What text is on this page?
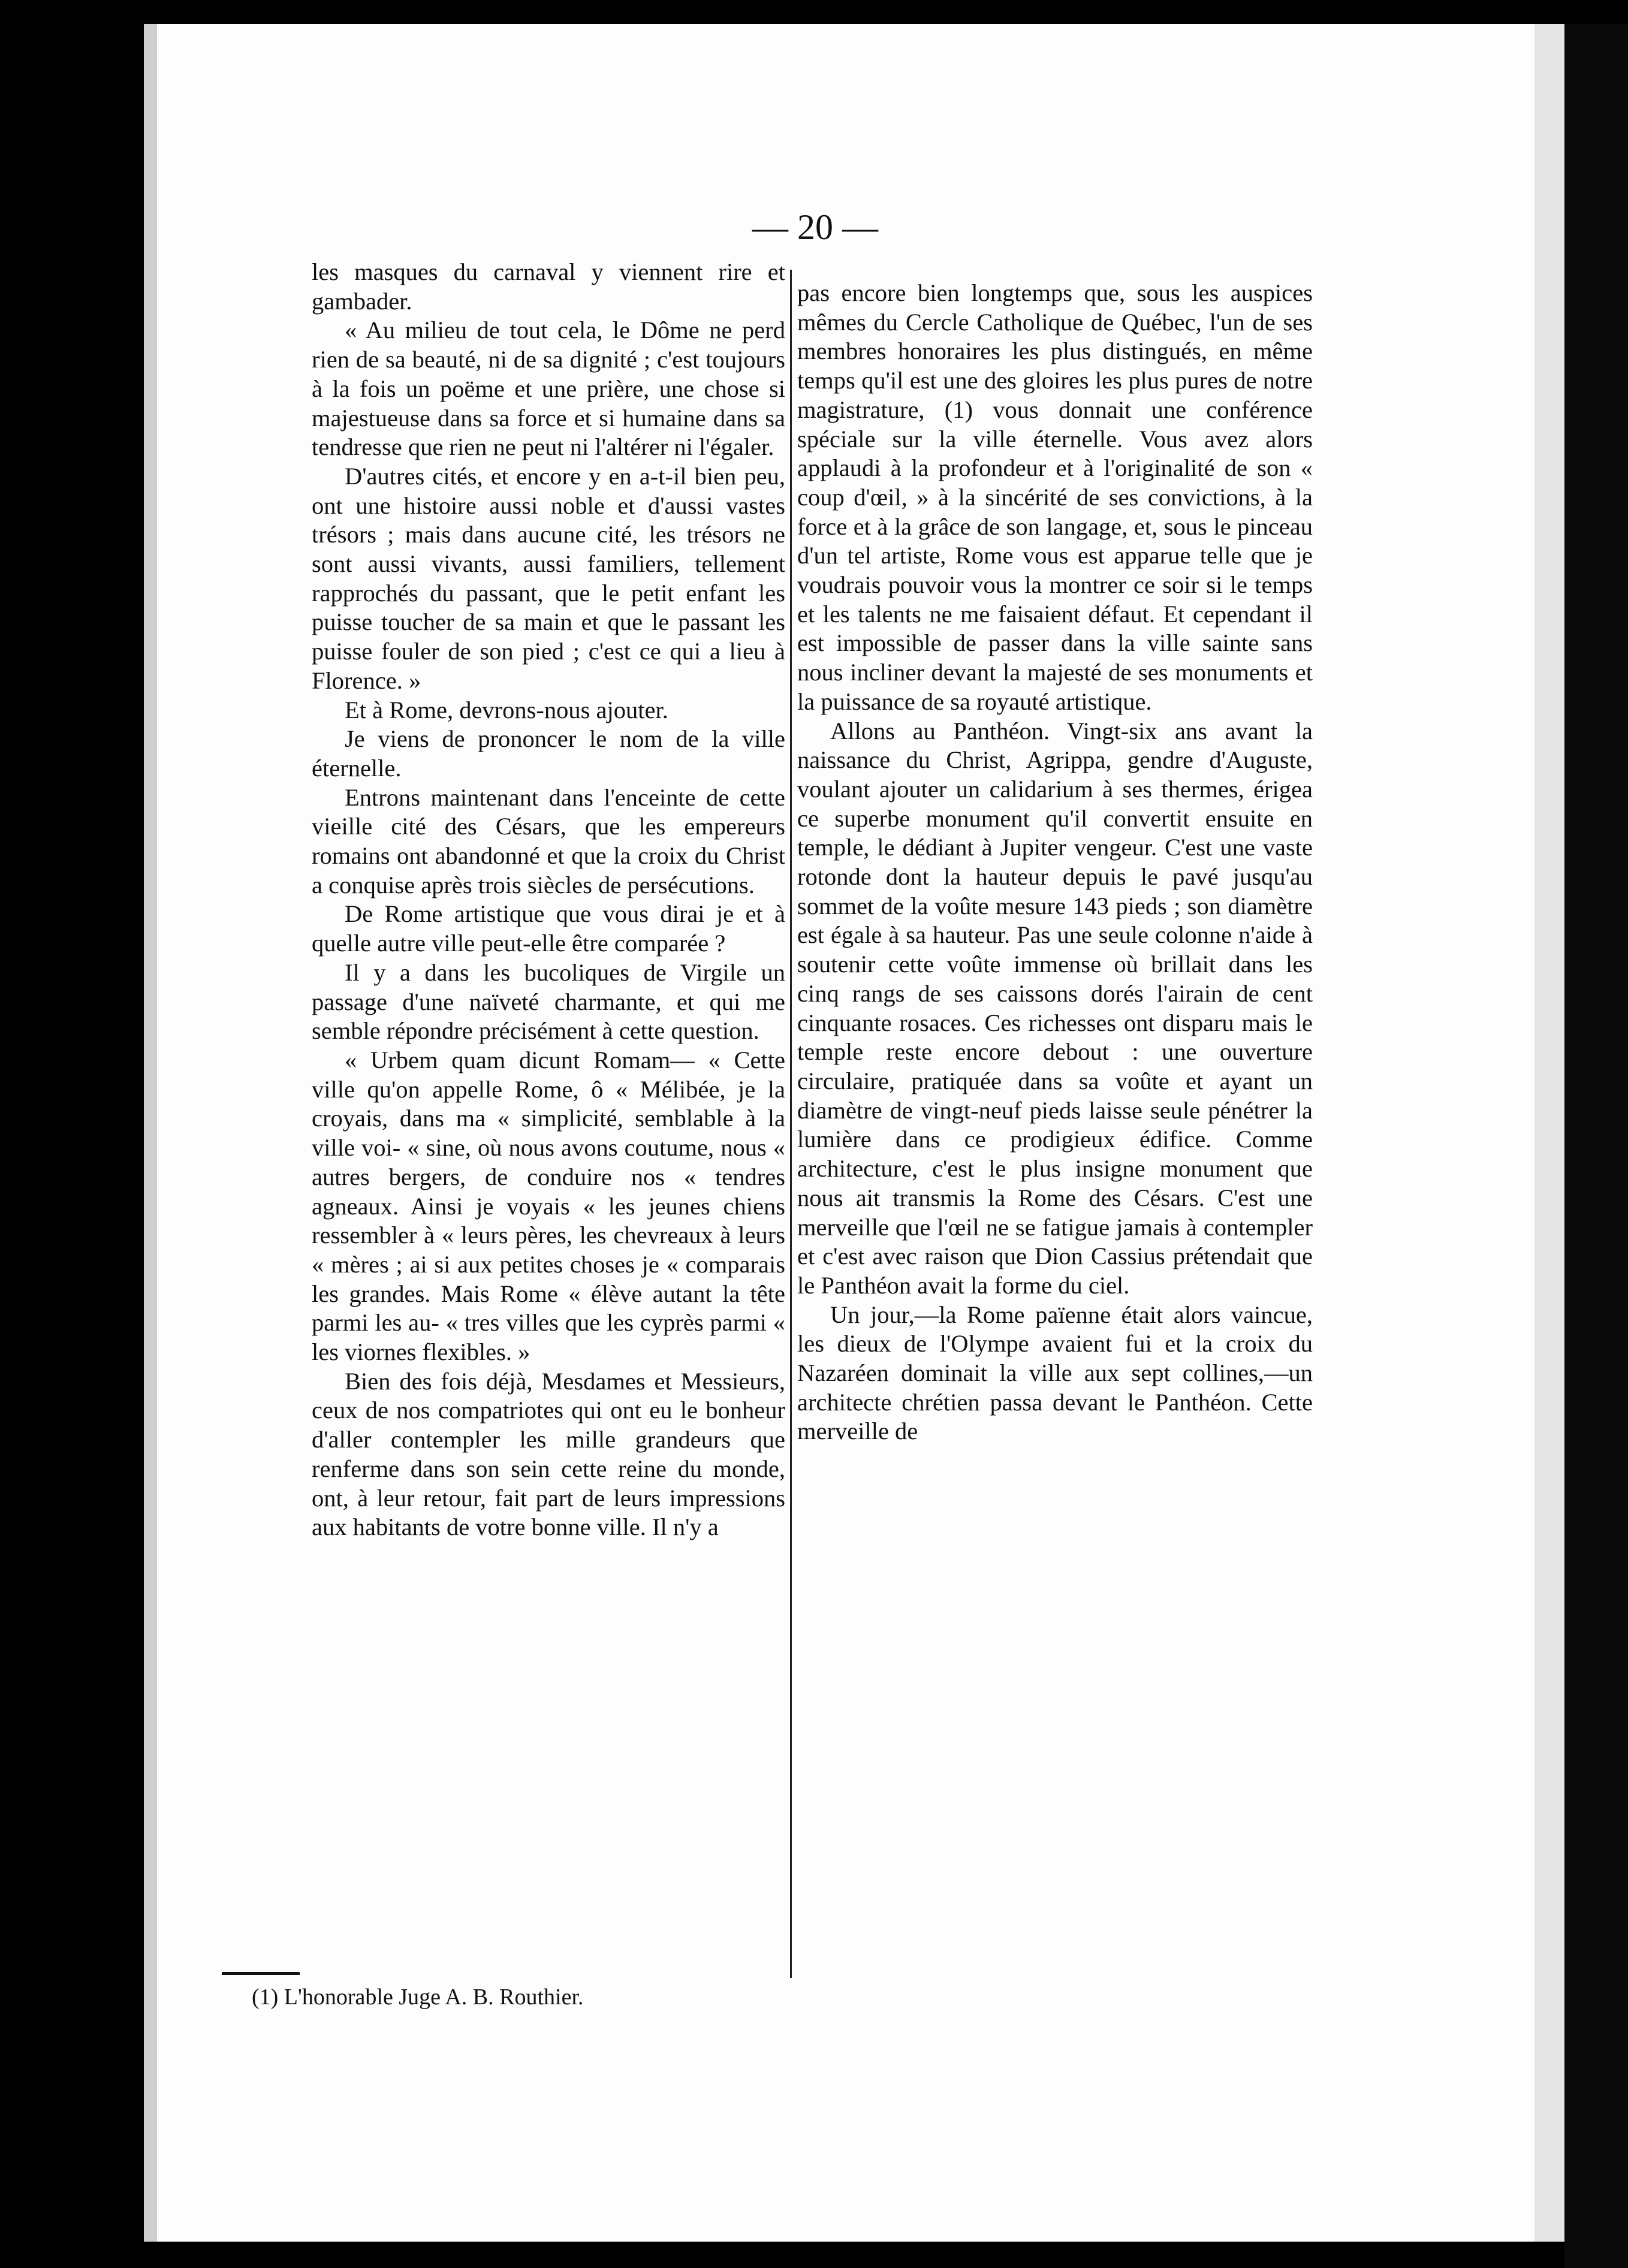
— 20 —

les masques du carnaval y viennent rire et gambader.

« Au milieu de tout cela, le Dôme ne perd rien de sa beauté, ni de sa dignité ; c'est toujours à la fois un poëme et une prière, une chose si majestueuse dans sa force et si humaine dans sa tendresse que rien ne peut ni l'altérer ni l'égaler.

D'autres cités, et encore y en a-t-il bien peu, ont une histoire aussi noble et d'aussi vastes trésors ; mais dans aucune cité, les trésors ne sont aussi vivants, aussi familiers, tellement rapprochés du passant, que le petit enfant les puisse toucher de sa main et que le passant les puisse fouler de son pied ; c'est ce qui a lieu à Florence. »

Et à Rome, devrons-nous ajouter.

Je viens de prononcer le nom de la ville éternelle.

Entrons maintenant dans l'enceinte de cette vieille cité des Césars, que les empereurs romains ont abandonné et que la croix du Christ a conquise après trois siècles de persécutions.

De Rome artistique que vous dirai je et à quelle autre ville peut-elle être comparée ?

Il y a dans les bucoliques de Virgile un passage d'une naïveté charmante, et qui me semble répondre précisément à cette question.

« Urbem quam dicunt Romam— « Cette ville qu'on appelle Rome, ô « Mélibée, je la croyais, dans ma « simplicité, semblable à la ville voi- « sine, où nous avons coutume, nous « autres bergers, de conduire nos « tendres agneaux. Ainsi je voyais « les jeunes chiens ressembler à « leurs pères, les chevreaux à leurs « mères ; ai si aux petites choses je « comparais les grandes. Mais Rome « élève autant la tête parmi les au- « tres villes que les cyprès parmi « les viornes flexibles. »

Bien des fois déjà, Mesdames et Messieurs, ceux de nos compatriotes qui ont eu le bonheur d'aller contempler les mille grandeurs que renferme dans son sein cette reine du monde, ont, à leur retour, fait part de leurs impressions aux habitants de votre bonne ville. Il n'y a

pas encore bien longtemps que, sous les auspices mêmes du Cercle Catholique de Québec, l'un de ses membres honoraires les plus distingués, en même temps qu'il est une des gloires les plus pures de notre magistrature, (1) vous donnait une conférence spéciale sur la ville éternelle. Vous avez alors applaudi à la profondeur et à l'originalité de son « coup d'œil, » à la sincérité de ses convictions, à la force et à la grâce de son langage, et, sous le pinceau d'un tel artiste, Rome vous est apparue telle que je voudrais pouvoir vous la montrer ce soir si le temps et les talents ne me faisaient défaut. Et cependant il est impossible de passer dans la ville sainte sans nous incliner devant la majesté de ses monuments et la puissance de sa royauté artistique.

Allons au Panthéon. Vingt-six ans avant la naissance du Christ, Agrippa, gendre d'Auguste, voulant ajouter un calidarium à ses thermes, érigea ce superbe monument qu'il convertit ensuite en temple, le dédiant à Jupiter vengeur. C'est une vaste rotonde dont la hauteur depuis le pavé jusqu'au sommet de la voûte mesure 143 pieds ; son diamètre est égale à sa hauteur. Pas une seule colonne n'aide à soutenir cette voûte immense où brillait dans les cinq rangs de ses caissons dorés l'airain de cent cinquante rosaces. Ces richesses ont disparu mais le temple reste encore debout : une ouverture circulaire, pratiquée dans sa voûte et ayant un diamètre de vingt-neuf pieds laisse seule pénétrer la lumière dans ce prodigieux édifice. Comme architecture, c'est le plus insigne monument que nous ait transmis la Rome des Césars. C'est une merveille que l'œil ne se fatigue jamais à contempler et c'est avec raison que Dion Cassius prétendait que le Panthéon avait la forme du ciel.

Un jour,—la Rome païenne était alors vaincue, les dieux de l'Olympe avaient fui et la croix du Nazaréen dominait la ville aux sept collines,—un architecte chrétien passa devant le Panthéon. Cette merveille de

(1) L'honorable Juge A. B. Routhier.
